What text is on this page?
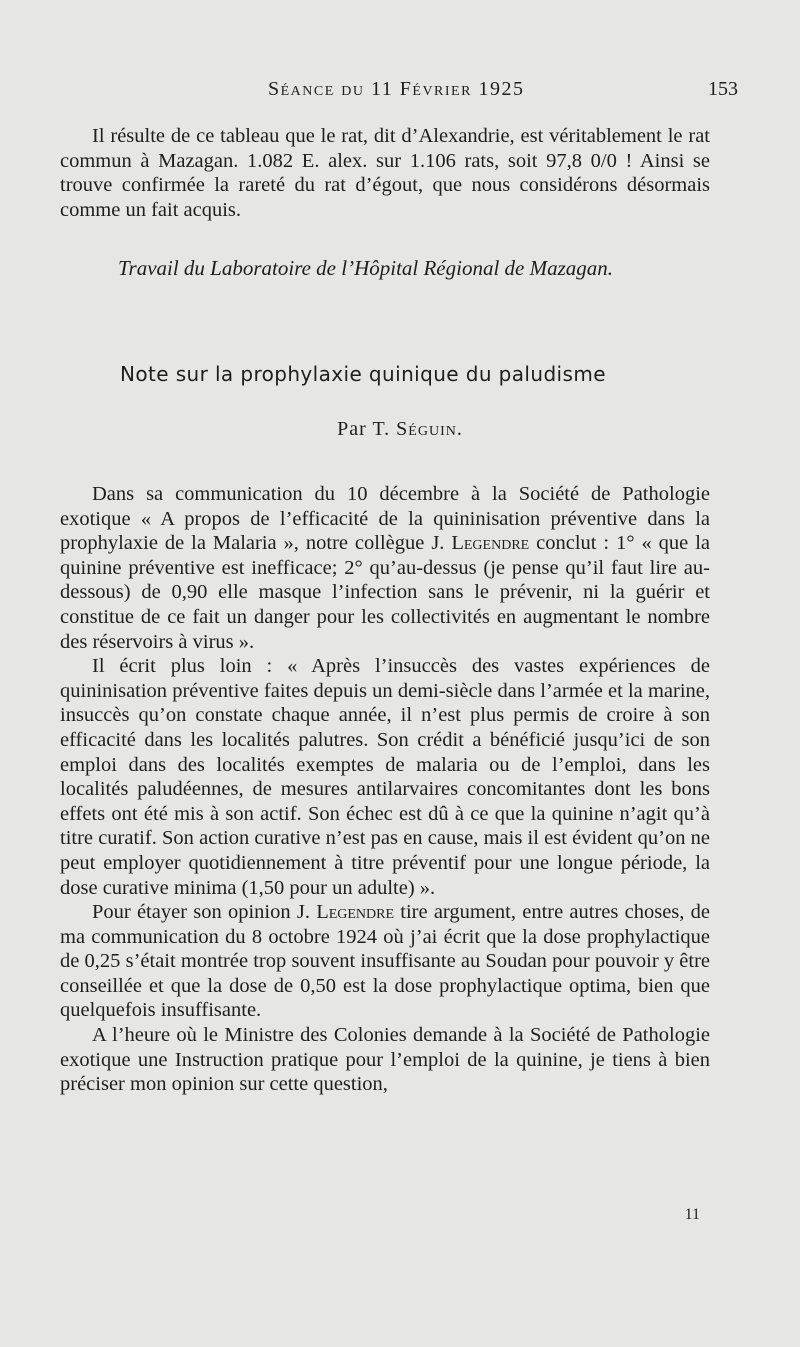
Séance du 11 Février 1925	153

Il résulte de ce tableau que le rat, dit d’Alexandrie, est véritablement le rat commun à Mazagan. 1.082 E. alex. sur 1.106 rats, soit 97,8 0/0 ! Ainsi se trouve confirmée la rareté du rat d’égout, que nous considérons désormais comme un fait acquis.

Travail du Laboratoire de l’Hôpital Régional de Mazagan.
Note sur la prophylaxie quinique du paludisme
Par T. Séguin.

Dans sa communication du 10 décembre à la Société de Pathologie exotique « A propos de l’efficacité de la quininisation préventive dans la prophylaxie de la Malaria », notre collègue J. Legendre conclut : 1° « que la quinine préventive est inefficace; 2° qu’au-dessus (je pense qu’il faut lire au-dessous) de 0,90 elle masque l’infection sans le prévenir, ni la guérir et constitue de ce fait un danger pour les collectivités en augmentant le nombre des réservoirs à virus ».

Il écrit plus loin : « Après l’insuccès des vastes expériences de quininisation préventive faites depuis un demi-siècle dans l’armée et la marine, insuccès qu’on constate chaque année, il n’est plus permis de croire à son efficacité dans les localités palutres. Son crédit a bénéficié jusqu’ici de son emploi dans des localités exemptes de malaria ou de l’emploi, dans les localités paludéennes, de mesures antilarvaires concomitantes dont les bons effets ont été mis à son actif. Son échec est dû à ce que la quinine n’agit qu’à titre curatif. Son action curative n’est pas en cause, mais il est évident qu’on ne peut employer quotidiennement à titre préventif pour une longue période, la dose curative minima (1,50 pour un adulte) ».

Pour étayer son opinion J. Legendre tire argument, entre autres choses, de ma communication du 8 octobre 1924 où j’ai écrit que la dose prophylactique de 0,25 s’était montrée trop souvent insuffisante au Soudan pour pouvoir y être conseillée et que la dose de 0,50 est la dose prophylactique optima, bien que quelquefois insuffisante.

A l’heure où le Ministre des Colonies demande à la Société de Pathologie exotique une Instruction pratique pour l’emploi de la quinine, je tiens à bien préciser mon opinion sur cette question,

11
